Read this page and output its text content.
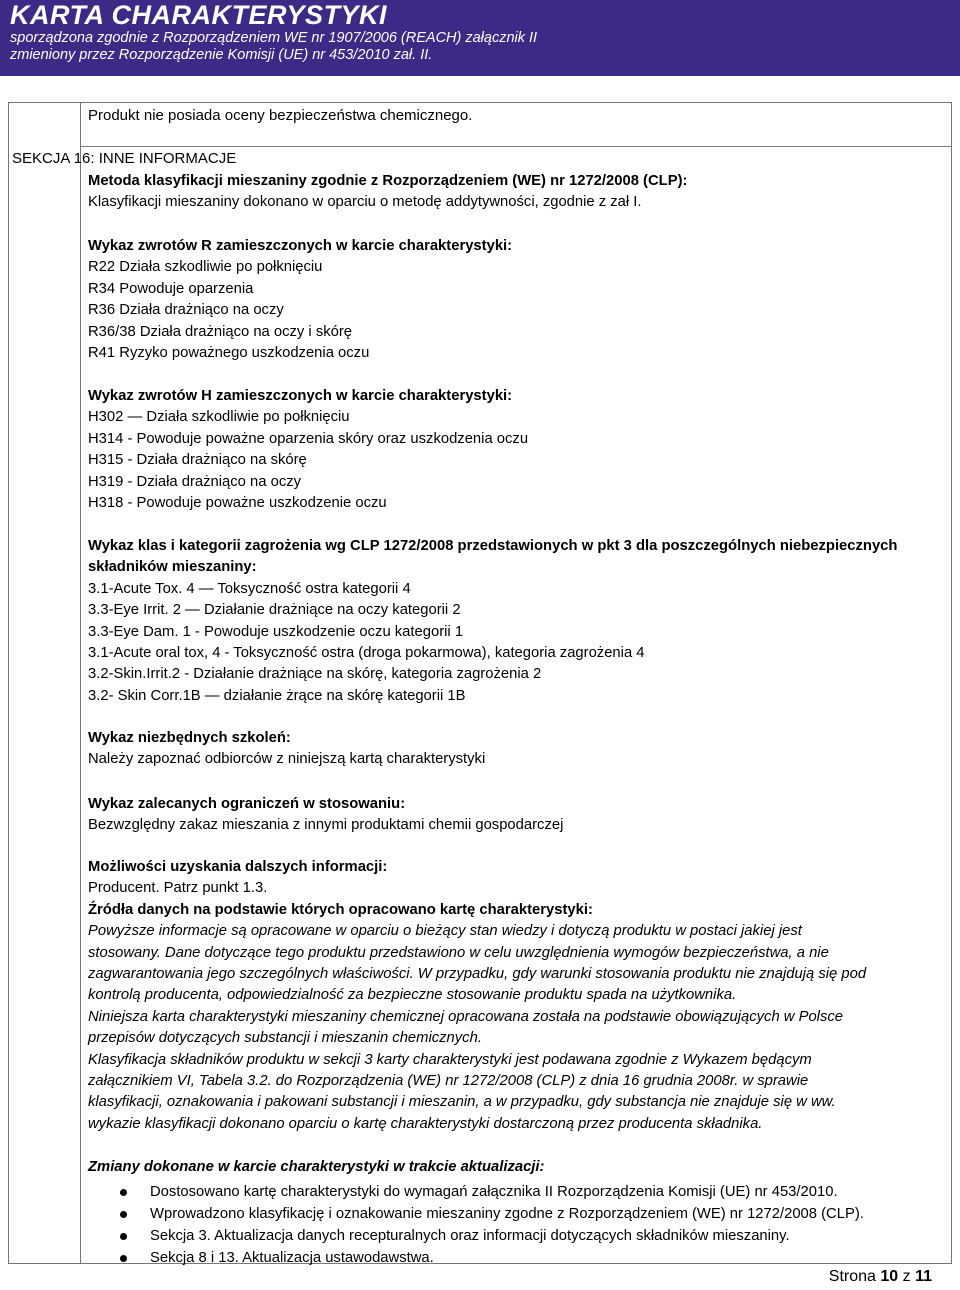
KARTA CHARAKTERYSTYKI
sporządzona zgodnie z Rozporządzeniem WE nr 1907/2006 (REACH) załącznik II
zmieniony przez Rozporządzenie Komisji (UE) nr 453/2010 zał. II.
Produkt nie posiada oceny bezpieczeństwa chemicznego.
SEKCJA 16: INNE INFORMACJE
Metoda klasyfikacji mieszaniny zgodnie z Rozporządzeniem (WE) nr 1272/2008 (CLP):
Klasyfikacji mieszaniny dokonano w oparciu o metodę addytywności, zgodnie z zał I.
Wykaz zwrotów R zamieszczonych w karcie charakterystyki:
R22 Działa szkodliwie po połknięciu
R34 Powoduje oparzenia
R36 Działa drażniąco na oczy
R36/38 Działa drażniąco na oczy i skórę
R41 Ryzyko poważnego uszkodzenia oczu
Wykaz zwrotów H zamieszczonych w karcie charakterystyki:
H302 — Działa szkodliwie po połknięciu
H314 - Powoduje poważne oparzenia skóry oraz uszkodzenia oczu
H315 - Działa drażniąco na skórę
H319 - Działa drażniąco na oczy
H318 - Powoduje poważne uszkodzenie oczu
Wykaz klas i kategorii zagrożenia wg CLP 1272/2008 przedstawionych w pkt 3 dla poszczególnych niebezpiecznych
składników mieszaniny:
3.1-Acute Tox. 4 — Toksyczność ostra kategorii 4
3.3-Eye Irrit. 2 — Działanie drażniące na oczy kategorii 2
3.3-Eye Dam. 1 - Powoduje uszkodzenie oczu kategorii 1
3.1-Acute oral tox, 4 - Toksyczność ostra (droga pokarmowa), kategoria zagrożenia 4
3.2-Skin.Irrit.2 - Działanie drażniące na skórę, kategoria zagrożenia 2
3.2- Skin Corr.1B — działanie żrące na skórę kategorii 1B
Wykaz niezbędnych szkoleń:
Należy zapoznać odbiorców z niniejszą kartą charakterystyki
Wykaz zalecanych ograniczeń w stosowaniu:
Bezwzględny zakaz mieszania z innymi produktami chemii gospodarczej
Możliwości uzyskania dalszych informacji:
Producent. Patrz punkt 1.3.
Źródła danych na podstawie których opracowano kartę charakterystyki:
Powyższe informacje są opracowane w oparciu o bieżący stan wiedzy i dotyczą produktu w postaci jakiej jest
stosowany. Dane dotyczące tego produktu przedstawiono w celu uwzględnienia wymogów bezpieczeństwa, a nie
zagwarantowania jego szczególnych właściwości. W przypadku, gdy warunki stosowania produktu nie znajdują się pod
kontrolą producenta, odpowiedzialność za bezpieczne stosowanie produktu spada na użytkownika.
Niniejsza karta charakterystyki mieszaniny chemicznej opracowana została na podstawie obowiązujących w Polsce
przepisów dotyczących substancji i mieszanin chemicznych.
Klasyfikacja składników produktu w sekcji 3 karty charakterystyki jest podawana zgodnie z Wykazem będącym
załącznikiem VI, Tabela 3.2. do Rozporządzenia (WE) nr 1272/2008 (CLP) z dnia 16 grudnia 2008r. w sprawie
klasyfikacji, oznakowania i pakowani substancji i mieszanin, a w przypadku, gdy substancja nie znajduje się w ww.
wykazie klasyfikacji dokonano oparciu o kartę charakterystyki dostarczoną przez producenta składnika.
Zmiany dokonane w karcie charakterystyki w trakcie aktualizacji:
Dostosowano kartę charakterystyki do wymagań załącznika II Rozporządzenia Komisji (UE) nr 453/2010.
Wprowadzono klasyfikację i oznakowanie mieszaniny zgodne z Rozporządzeniem (WE) nr 1272/2008 (CLP).
Sekcja 3. Aktualizacja danych recepturalnych oraz informacji dotyczących składników mieszaniny.
Sekcja 8 i 13. Aktualizacja ustawodawstwa.
Strona 10 z 11
